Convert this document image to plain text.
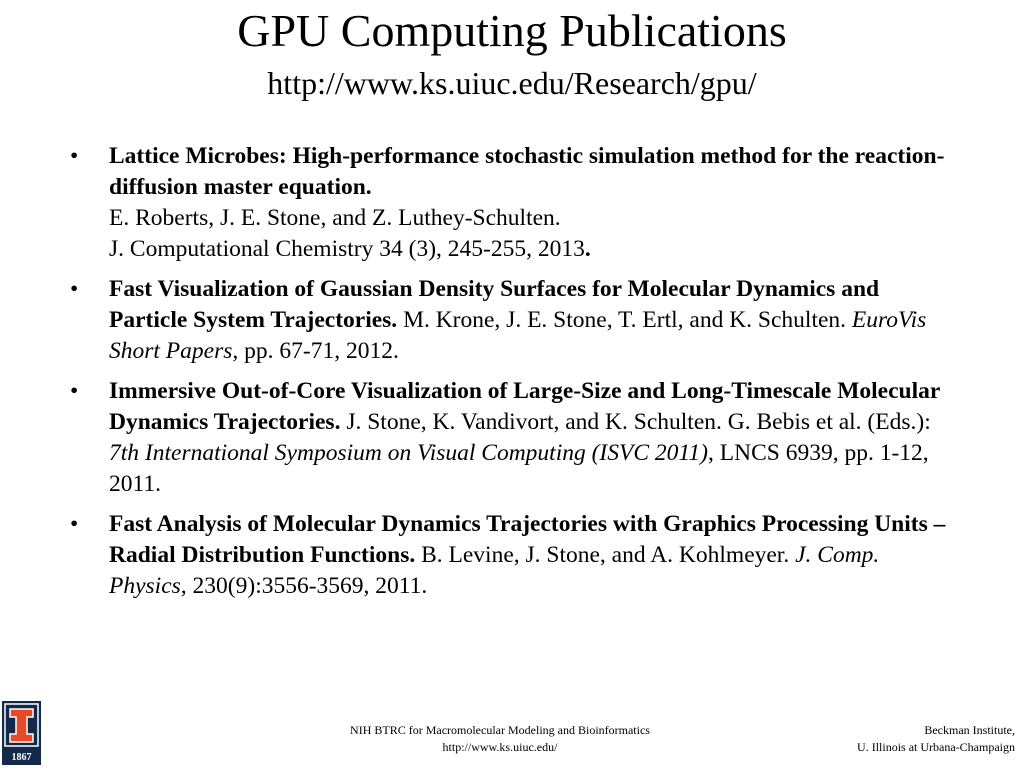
GPU Computing Publications
http://www.ks.uiuc.edu/Research/gpu/
•	Lattice Microbes: High-performance stochastic simulation method for the reaction-diffusion master equation.
E. Roberts, J. E. Stone, and Z. Luthey-Schulten.
J. Computational Chemistry 34 (3), 245-255, 2013.
•	Fast Visualization of Gaussian Density Surfaces for Molecular Dynamics and Particle System Trajectories. M. Krone, J. E. Stone, T. Ertl, and K. Schulten. EuroVis Short Papers, pp. 67-71, 2012.
•	Immersive Out-of-Core Visualization of Large-Size and Long-Timescale Molecular Dynamics Trajectories. J. Stone, K. Vandivort, and K. Schulten. G. Bebis et al. (Eds.): 7th International Symposium on Visual Computing (ISVC 2011), LNCS 6939, pp. 1-12, 2011.
•	Fast Analysis of Molecular Dynamics Trajectories with Graphics Processing Units – Radial Distribution Functions. B. Levine, J. Stone, and A. Kohlmeyer. J. Comp. Physics, 230(9):3556-3569, 2011.
1867
NIH BTRC for Macromolecular Modeling and Bioinformatics
http://www.ks.uiuc.edu/
Beckman Institute,
U. Illinois at Urbana-Champaign
